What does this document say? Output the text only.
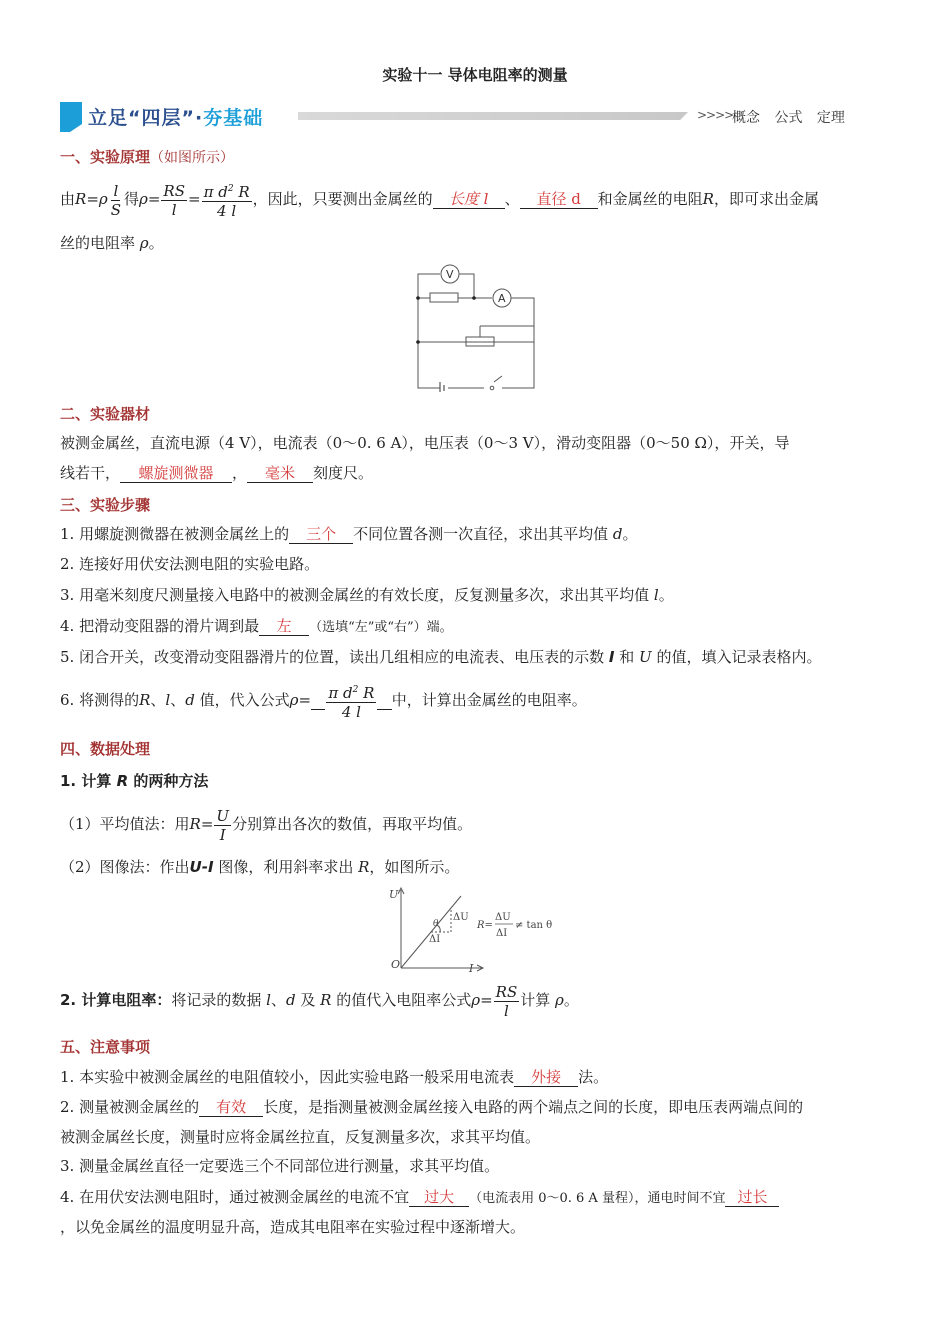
实验十一 导体电阻率的测量
立足“四层”·夯基础	>>>>
概念 公式 定理
一、实验原理（如图所示）
由$R=\rho \frac{l}{S}$ 得$\rho= \frac{RS}{l} = \frac{\pi d^2 R}{4 l}$ ，因此，只要测出金属丝的 长度 l 、 直径 d 和金属丝的电阻R，即可求出金属
丝的电阻率 ρ。
V
A
二、实验器材
被测金属丝，直流电源（4 V），电流表（0～0. 6 A），电压表（0～3 V），滑动变阻器（0～50 Ω），开关，导
线若干， 螺旋测微器 ， 毫米 刻度尺。
三、实验步骤
1. 用螺旋测微器在被测金属丝上的 三个 不同位置各测一次直径，求出其平均值 d。
2. 连接好用伏安法测电阻的实验电路。
3. 用毫米刻度尺测量接入电路中的被测金属丝的有效长度，反复测量多次，求出其平均值 l。
4. 把滑动变阻器的滑片调到最 左 （选填“左”或“右”）端。
5. 闭合开关，改变滑动变阻器滑片的位置，读出几组相应的电流表、电压表的示数 I 和 U 的值，填入记录表格内。
6. 将测得的R、l、d 值，代入公式$\rho= \frac{\pi d^2 R}{4 l}$ 中，计算出金属丝的电阻率。
四、数据处理
1. 计算 R 的两种方法
（1）平均值法：用$R= \frac{U}{I}$ 分别算出各次的数值，再取平均值。
（2）图像法：作出U-I 图像，利用斜率求出 R，如图所示。
U
I
O
θ
ΔU
ΔI
R=
ΔU
ΔI
≠ tan θ
2. 计算电阻率：将记录的数据 l、d 及 R 的值代入电阻率公式$\rho= \frac{RS}{l}$ 计算 ρ。
五、注意事项
1. 本实验中被测金属丝的电阻值较小，因此实验电路一般采用电流表 外接 法。
2. 测量被测金属丝的 有效 长度，是指测量被测金属丝接入电路的两个端点之间的长度，即电压表两端点间的
被测金属丝长度，测量时应将金属丝拉直，反复测量多次，求其平均值。
3. 测量金属丝直径一定要选三个不同部位进行测量，求其平均值。
4. 在用伏安法测电阻时，通过被测金属丝的电流不宜 过大 （电流表用 0～0. 6 A 量程），通电时间不宜 过长
，以免金属丝的温度明显升高，造成其电阻率在实验过程中逐渐增大。
